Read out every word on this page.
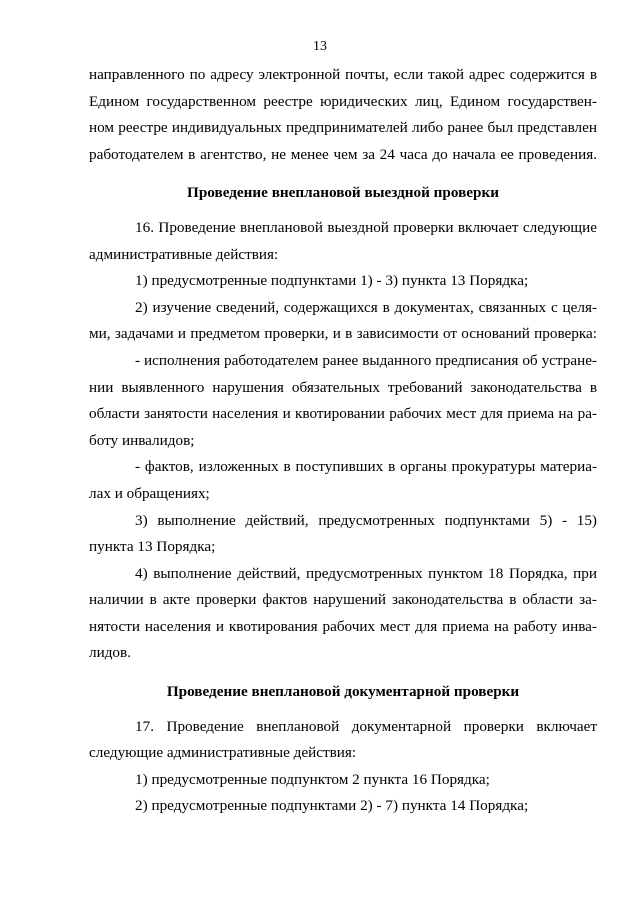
13
направленного по адресу электронной почты, если такой адрес содержится в
Едином государственном реестре юридических лиц, Едином государствен-
ном реестре индивидуальных предпринимателей либо ранее был представлен
работодателем в агентство, не менее чем за 24 часа до начала ее проведения.
Проведение внеплановой выездной проверки
16. Проведение внеплановой выездной проверки включает следующие
административные действия:
1) предусмотренные подпунктами 1) - 3) пункта 13 Порядка;
2) изучение сведений, содержащихся в документах, связанных с целя-
ми, задачами и предметом проверки, и в зависимости от оснований проверка:
- исполнения работодателем ранее выданного предписания об устране-
нии выявленного нарушения обязательных требований законодательства в
области занятости населения и квотировании рабочих мест для приема на ра-
боту инвалидов;
- фактов, изложенных в поступивших в органы прокуратуры материа-
лах и обращениях;
3) выполнение действий, предусмотренных подпунктами 5) - 15)
пункта 13 Порядка;
4) выполнение действий, предусмотренных пунктом 18 Порядка, при
наличии в акте проверки фактов нарушений законодательства в области за-
нятости населения и квотирования рабочих мест для приема на работу инва-
лидов.
Проведение внеплановой документарной проверки
17. Проведение внеплановой документарной проверки включает
следующие административные действия:
1) предусмотренные подпунктом 2 пункта 16 Порядка;
2) предусмотренные подпунктами 2) - 7) пункта 14 Порядка;
